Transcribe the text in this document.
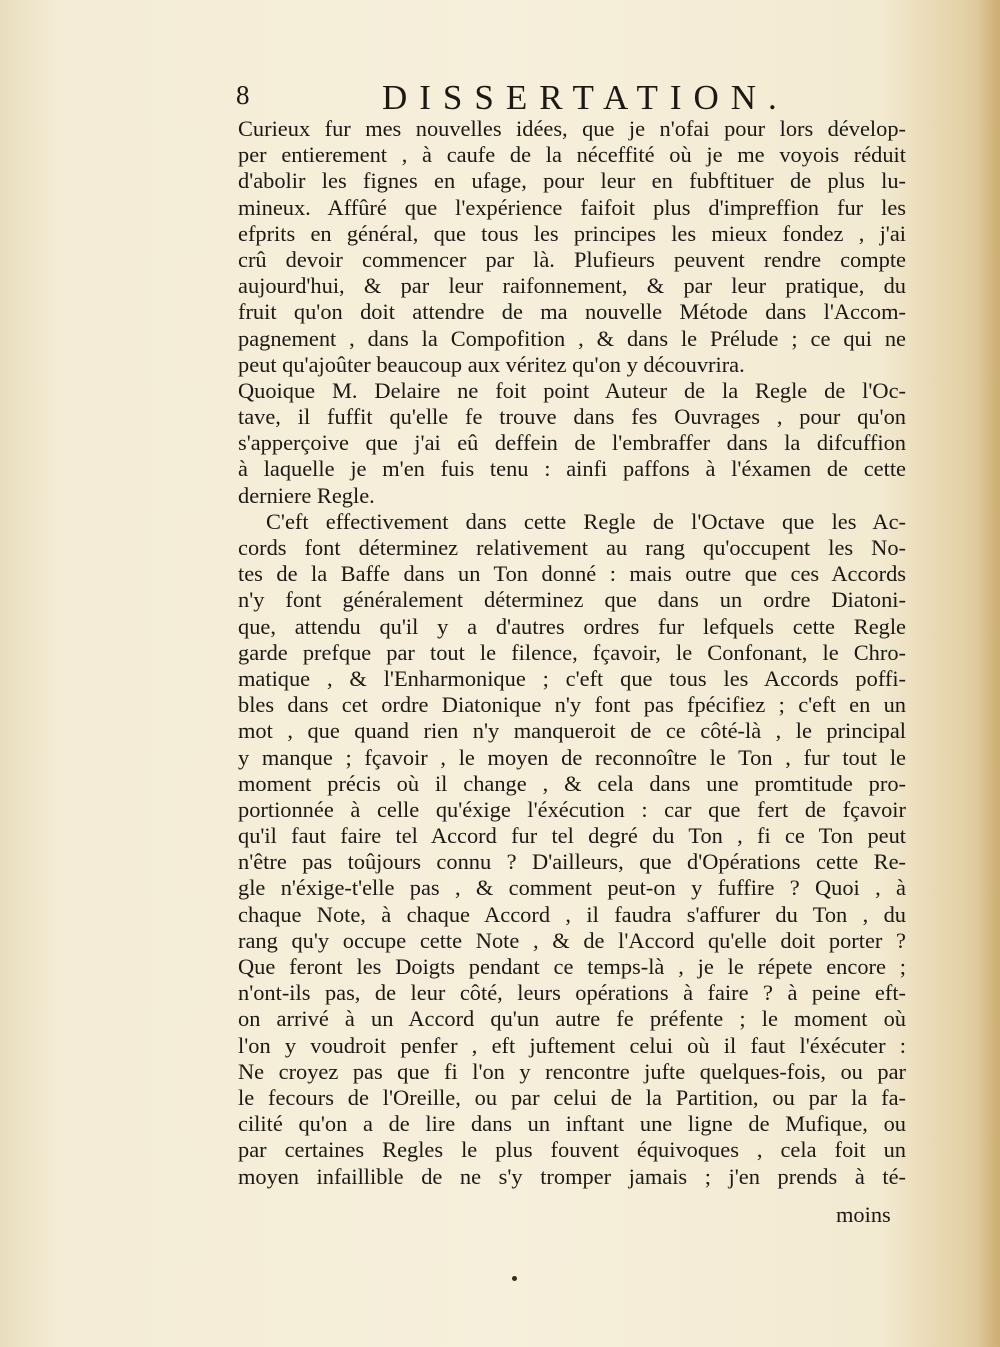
8	DISSERTATION.
Curieux fur mes nouvelles idées, que je n'ofai pour lors dévelop-
per entierement , à caufe de la néceffité où je me voyois réduit
d'abolir les fignes en ufage, pour leur en fubftituer de plus lu-
mineux. Affûré que l'expérience faifoit plus d'impreffion fur les
efprits en général, que tous les principes les mieux fondez , j'ai
crû devoir commencer par là. Plufieurs peuvent rendre compte
aujourd'hui, & par leur raifonnement, & par leur pratique, du
fruit qu'on doit attendre de ma nouvelle Métode dans l'Accom-
pagnement , dans la Compofition , & dans le Prélude ; ce qui ne
peut qu'ajoûter beaucoup aux véritez qu'on y découvrira.
Quoique M. Delaire ne foit point Auteur de la Regle de l'Oc-
tave, il fuffit qu'elle fe trouve dans fes Ouvrages , pour qu'on
s'apperçoive que j'ai eû deffein de l'embraffer dans la difcuffion
à laquelle je m'en fuis tenu : ainfi paffons à l'éxamen de cette
derniere Regle.
C'eft effectivement dans cette Regle de l'Octave que les Ac-
cords font déterminez relativement au rang qu'occupent les No-
tes de la Baffe dans un Ton donné : mais outre que ces Accords
n'y font généralement déterminez que dans un ordre Diatoni-
que, attendu qu'il y a d'autres ordres fur lefquels cette Regle
garde prefque par tout le filence, fçavoir, le Confonant, le Chro-
matique , & l'Enharmonique ; c'eft que tous les Accords poffi-
bles dans cet ordre Diatonique n'y font pas fpécifiez ; c'eft en un
mot , que quand rien n'y manqueroit de ce côté-là , le principal
y manque ; fçavoir , le moyen de reconnoître le Ton , fur tout le
moment précis où il change , & cela dans une promtitude pro-
portionnée à celle qu'éxige l'éxécution : car que fert de fçavoir
qu'il faut faire tel Accord fur tel degré du Ton , fi ce Ton peut
n'être pas toûjours connu ? D'ailleurs, que d'Opérations cette Re-
gle n'éxige-t'elle pas , & comment peut-on y fuffire ? Quoi , à
chaque Note, à chaque Accord , il faudra s'affurer du Ton , du
rang qu'y occupe cette Note , & de l'Accord qu'elle doit porter ?
Que feront les Doigts pendant ce temps-là , je le répete encore ;
n'ont-ils pas, de leur côté, leurs opérations à faire ? à peine eft-
on arrivé à un Accord qu'un autre fe préfente ; le moment où
l'on y voudroit penfer , eft juftement celui où il faut l'éxécuter :
Ne croyez pas que fi l'on y rencontre jufte quelques-fois, ou par
le fecours de l'Oreille, ou par celui de la Partition, ou par la fa-
cilité qu'on a de lire dans un inftant une ligne de Mufique, ou
par certaines Regles le plus fouvent équivoques , cela foit un
moyen infaillible de ne s'y tromper jamais ; j'en prends à té-
moins
